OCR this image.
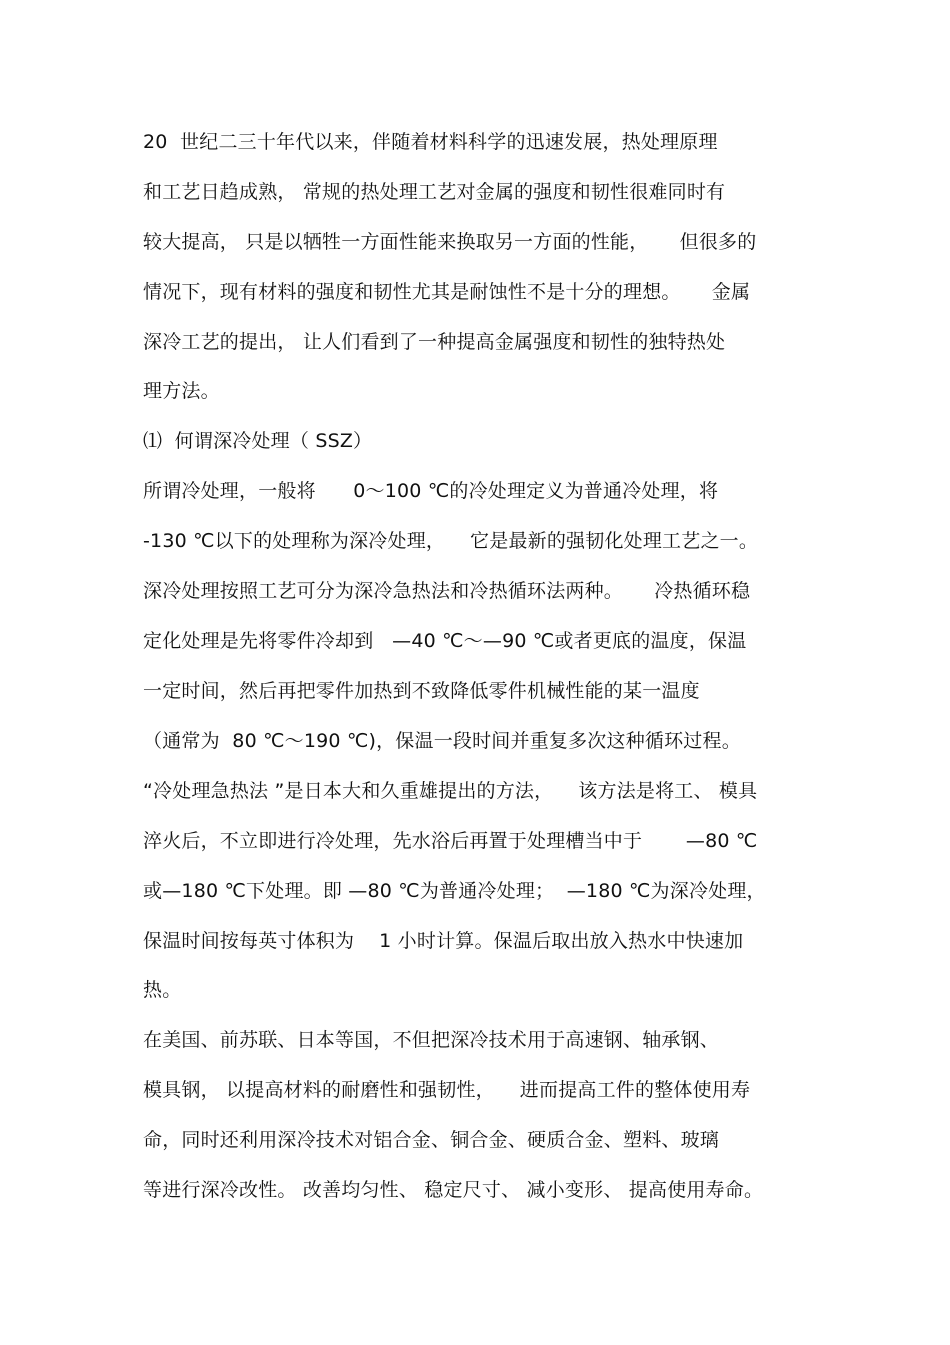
20  世纪二三十年代以来，伴随着材料科学的迅速发展，热处理原理
和工艺日趋成熟， 常规的热处理工艺对金属的强度和韧性很难同时有
较大提高， 只是以牺牲一方面性能来换取另一方面的性能，     但很多的
情况下，现有材料的强度和韧性尤其是耐蚀性不是十分的理想。     金属
深冷工艺的提出， 让人们看到了一种提高金属强度和韧性的独特热处
理方法。
⑴  何谓深冷处理（ SSZ）
所谓冷处理，一般将      0～100 ℃的冷处理定义为普通冷处理，将
-130 ℃以下的处理称为深冷处理，    它是最新的强韧化处理工艺之一。
深冷处理按照工艺可分为深冷急热法和冷热循环法两种。     冷热循环稳
定化处理是先将零件冷却到   —40 ℃～—90 ℃或者更底的温度，保温
一定时间，然后再把零件加热到不致降低零件机械性能的某一温度
（通常为  80 ℃～190 ℃)，保温一段时间并重复多次这种循环过程。
“冷处理急热法 ”是日本大和久重雄提出的方法，    该方法是将工、 模具
淬火后，不立即进行冷处理，先水浴后再置于处理槽当中于       —80 ℃
或—180 ℃下处理。即 —80 ℃为普通冷处理；  —180 ℃为深冷处理，
保温时间按每英寸体积为    1 小时计算。保温后取出放入热水中快速加
热。
在美国、前苏联、日本等国，不但把深冷技术用于高速钢、轴承钢、
模具钢， 以提高材料的耐磨性和强韧性，    进而提高工件的整体使用寿
命，同时还利用深冷技术对铝合金、铜合金、硬质合金、塑料、玻璃
等进行深冷改性。 改善均匀性、 稳定尺寸、 减小变形、 提高使用寿命。
